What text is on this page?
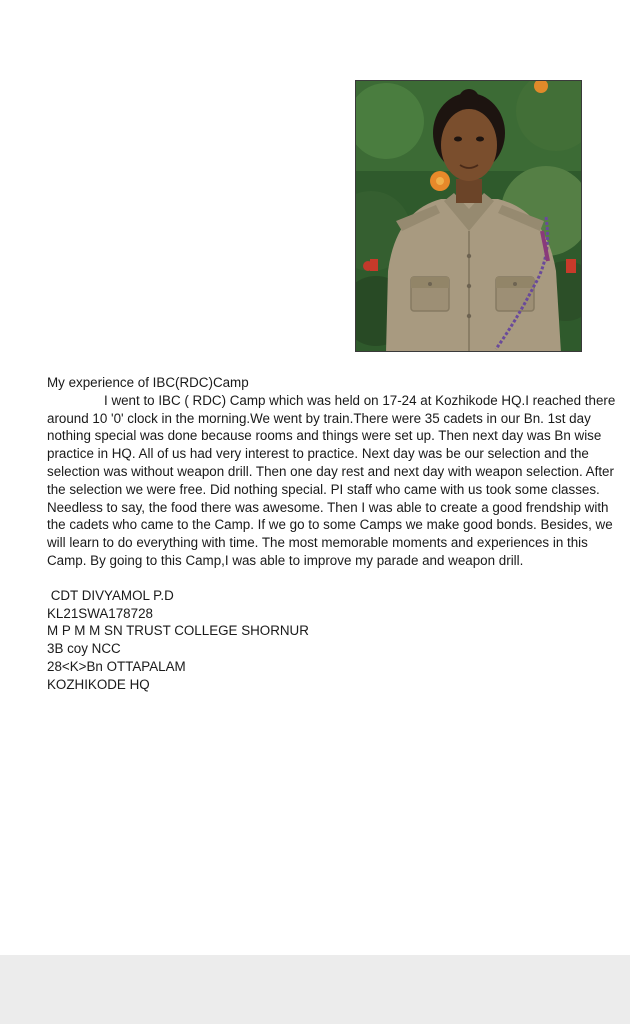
My experience of IBC(RDC)Camp

I went to IBC ( RDC) Camp which was held on 17-24 at Kozhikode HQ.I reached there around 10 '0' clock in the morning.We went by train.There were 35 cadets in our Bn. 1st day nothing special was done because rooms and things were set up. Then next day was Bn wise practice in HQ. All of us had very interest to practice. Next day was be our selection and the selection was without weapon drill. Then one day rest and next day with weapon selection. After the selection we were free. Did nothing special. PI staff who came with us took some classes. Needless to say, the food there was awesome. Then I was able to create a good frendship with the cadets who came to the Camp. If we go to some Camps we make good bonds. Besides, we will learn to do everything with time. The most memorable moments and experiences in this Camp. By going to this Camp,I was able to improve my parade and weapon drill.

CDT DIVYAMOL P.D
KL21SWA178728
M P M M SN TRUST COLLEGE SHORNUR
3B coy NCC
28<K>Bn OTTAPALAM
KOZHIKODE HQ
